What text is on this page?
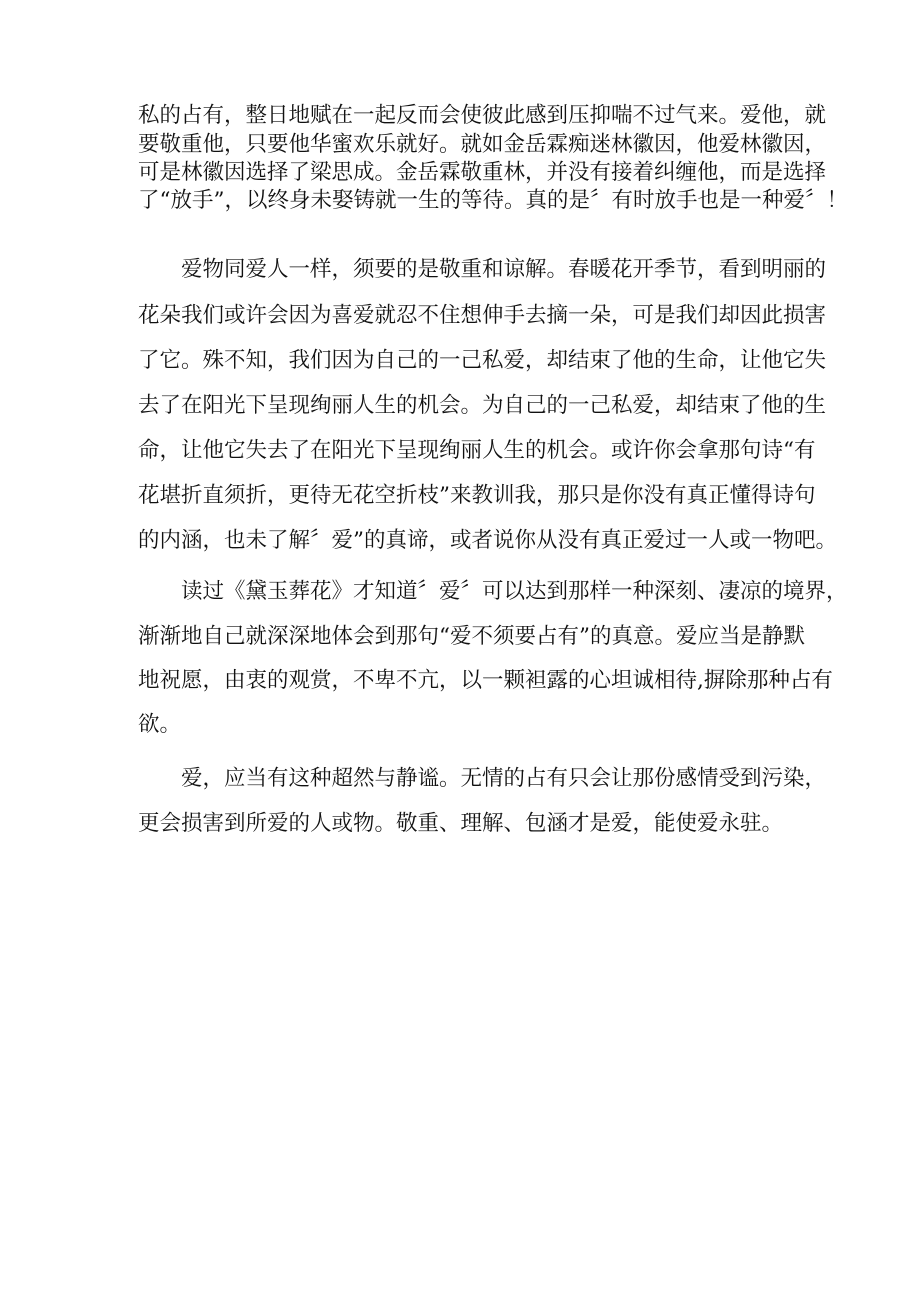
私的占有，整日地赋在一起反而会使彼此感到压抑喘不过气来。爱他，就
要敬重他，只要他华蜜欢乐就好。就如金岳霖痴迷林徽因，他爱林徽因，
可是林徽因选择了梁思成。金岳霖敬重林，并没有接着纠缠他，而是选择
了“放手”，以终身未娶铸就一生的等待。真的是〞有时放手也是一种爱〞！
爱物同爱人一样，须要的是敬重和谅解。春暖花开季节，看到明丽的
花朵我们或许会因为喜爱就忍不住想伸手去摘一朵，可是我们却因此损害
了它。殊不知，我们因为自己的一己私爱，却结束了他的生命，让他它失
去了在阳光下呈现绚丽人生的机会。为自己的一己私爱，却结束了他的生
命，让他它失去了在阳光下呈现绚丽人生的机会。或许你会拿那句诗“有
花堪折直须折，更待无花空折枝”来教训我，那只是你没有真正懂得诗句
的内涵，也未了解〞爱”的真谛，或者说你从没有真正爱过一人或一物吧。
读过《黛玉葬花》才知道〞爱〞可以达到那样一种深刻、凄凉的境界，
渐渐地自己就深深地体会到那句“爱不须要占有”的真意。爱应当是静默
地祝愿，由衷的观赏，不卑不亢，以一颗袒露的心坦诚相待,摒除那种占有
欲。
爱，应当有这种超然与静谧。无情的占有只会让那份感情受到污染，
更会损害到所爱的人或物。敬重、理解、包涵才是爱，能使爱永驻。
